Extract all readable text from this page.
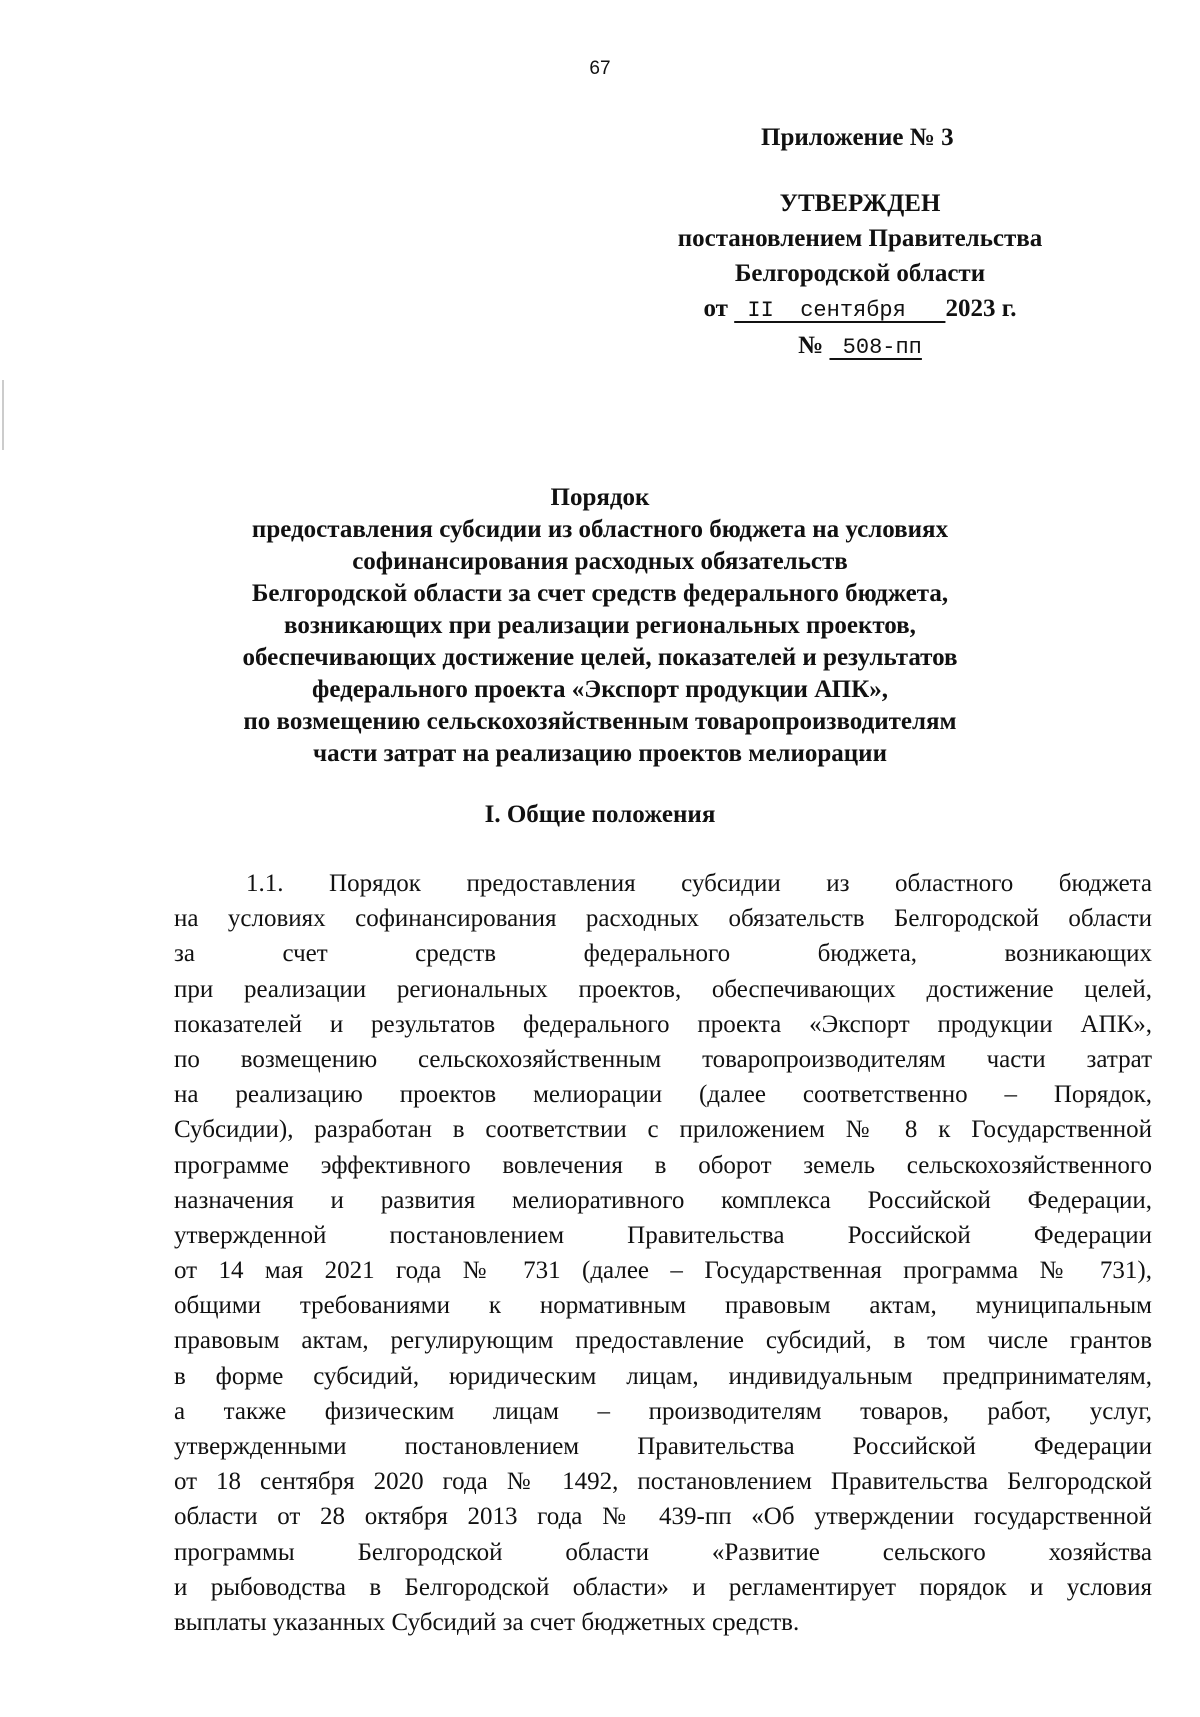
67
Приложение № 3
УТВЕРЖДЕН
постановлением Правительства
Белгородской области
от  II  сентября   2023 г.
№  508-пп
Порядок
предоставления субсидии из областного бюджета на условиях
софинансирования расходных обязательств
Белгородской области за счет средств федерального бюджета,
возникающих при реализации региональных проектов,
обеспечивающих достижение целей, показателей и результатов
федерального проекта «Экспорт продукции АПК»,
по возмещению сельскохозяйственным товаропроизводителям
части затрат на реализацию проектов мелиорации
I. Общие положения
1.1. Порядок предоставления субсидии из областного бюджета
на условиях софинансирования расходных обязательств Белгородской области
за счет средств федерального бюджета, возникающих
при реализации региональных проектов, обеспечивающих достижение целей,
показателей и результатов федерального проекта «Экспорт продукции АПК»,
по возмещению сельскохозяйственным товаропроизводителям части затрат
на реализацию проектов мелиорации (далее соответственно – Порядок,
Субсидии), разработан в соответствии с приложением № 8 к Государственной
программе эффективного вовлечения в оборот земель сельскохозяйственного
назначения и развития мелиоративного комплекса Российской Федерации,
утвержденной постановлением Правительства Российской Федерации
от 14 мая 2021 года № 731 (далее – Государственная программа № 731),
общими требованиями к нормативным правовым актам, муниципальным
правовым актам, регулирующим предоставление субсидий, в том числе грантов
в форме субсидий, юридическим лицам, индивидуальным предпринимателям,
а также физическим лицам – производителям товаров, работ, услуг,
утвержденными постановлением Правительства Российской Федерации
от 18 сентября 2020 года № 1492, постановлением Правительства Белгородской
области от 28 октября 2013 года № 439-пп «Об утверждении государственной
программы Белгородской области «Развитие сельского хозяйства
и рыбоводства в Белгородской области» и регламентирует порядок и условия
выплаты указанных Субсидий за счет бюджетных средств.
